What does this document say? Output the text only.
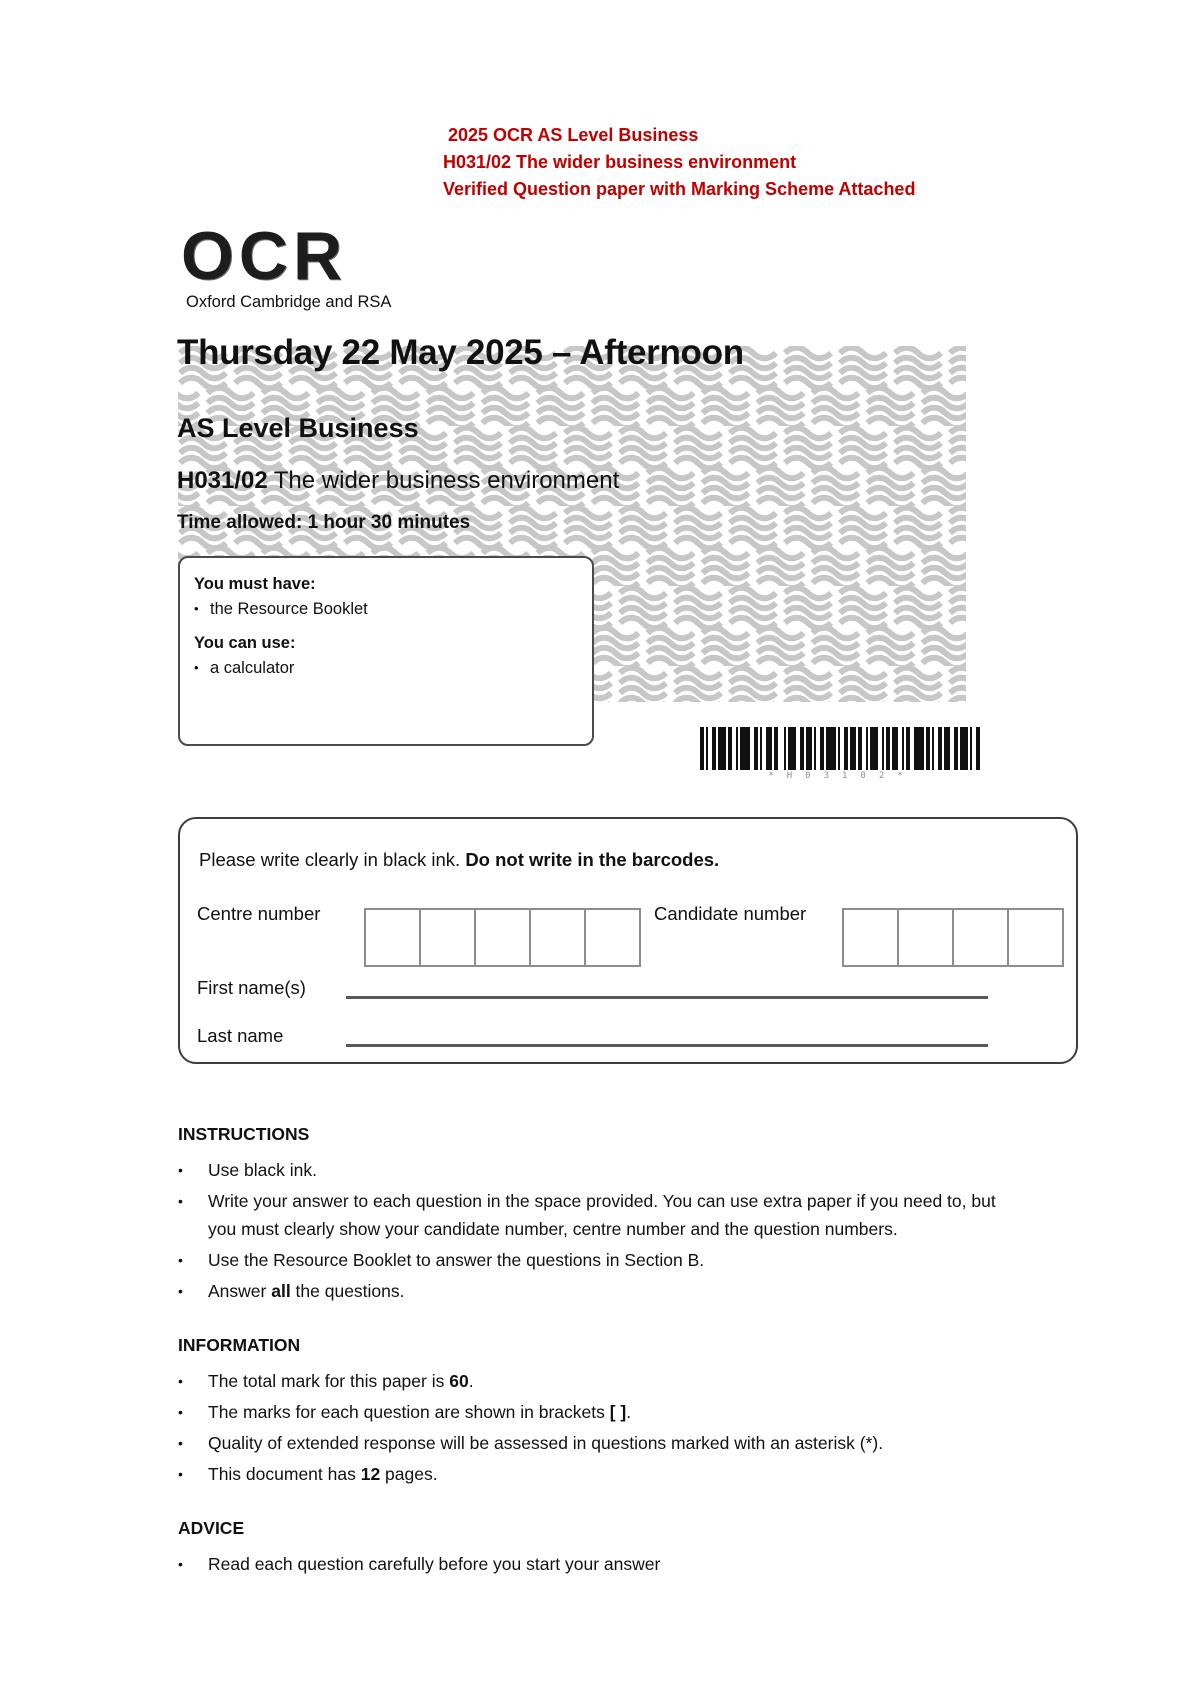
2025 OCR AS Level Business
H031/02 The wider business environment
Verified Question paper with Marking Scheme Attached
OCR
Oxford Cambridge and RSA
Thursday 22 May 2025 – Afternoon
AS Level Business
H031/02 The wider business environment
Time allowed: 1 hour 30 minutes
You must have:
• the Resource Booklet
You can use:
• a calculator
*H03102*
Please write clearly in black ink. Do not write in the barcodes.
Centre number	Candidate number
First name(s)
Last name
INSTRUCTIONS
•	Use black ink.
•	Write your answer to each question in the space provided. You can use extra paper if you need to, but you must clearly show your candidate number, centre number and the question numbers.
•	Use the Resource Booklet to answer the questions in Section B.
•	Answer all the questions.
INFORMATION
•	The total mark for this paper is 60.
•	The marks for each question are shown in brackets [ ].
•	Quality of extended response will be assessed in questions marked with an asterisk (*).
•	This document has 12 pages.
ADVICE
•	Read each question carefully before you start your answer
